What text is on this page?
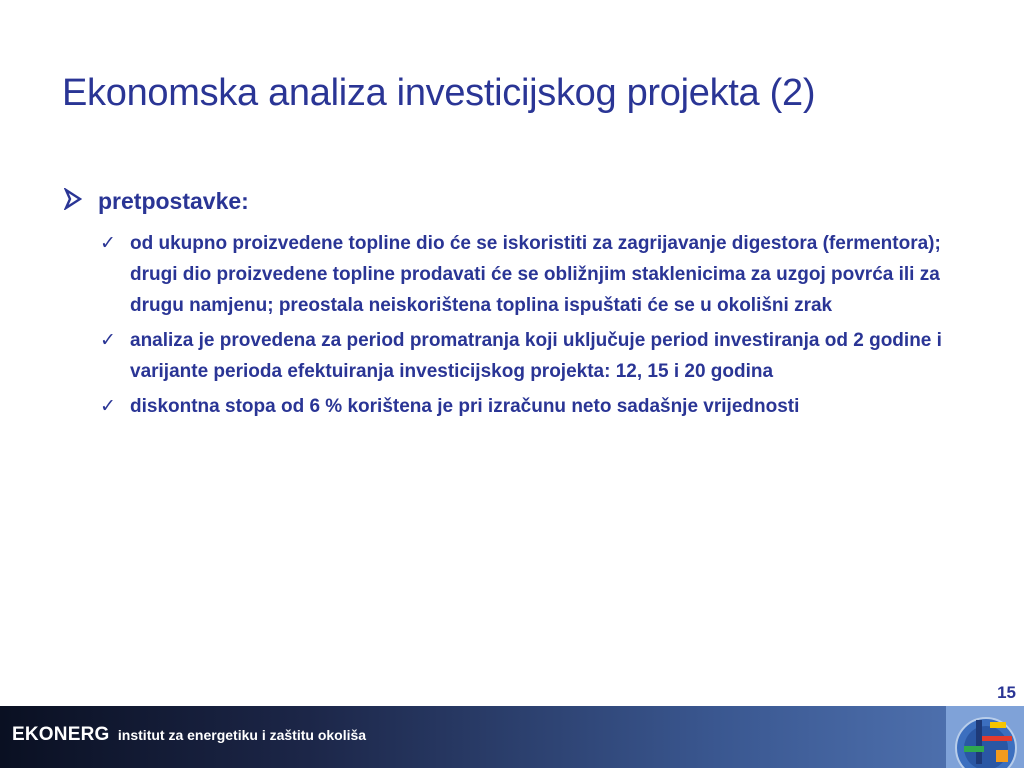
Ekonomska analiza investicijskog projekta (2)
pretpostavke:
✓ od ukupno proizvedene topline dio će se iskoristiti za zagrijavanje digestora (fermentora); drugi dio proizvedene topline prodavati će se obližnjim staklenicima za uzgoj povrća ili za drugu namjenu; preostala neiskorištena toplina ispuštati će se u okolišni zrak
✓ analiza je provedena za period promatranja koji uključuje period investiranja od 2 godine i varijante perioda efektuiranja investicijskog projekta: 12, 15 i 20 godina
✓ diskontna stopa od 6 % korištena je pri izračunu neto sadašnje vrijednosti
15
EKONERG institut za energetiku i zaštitu okoliša
